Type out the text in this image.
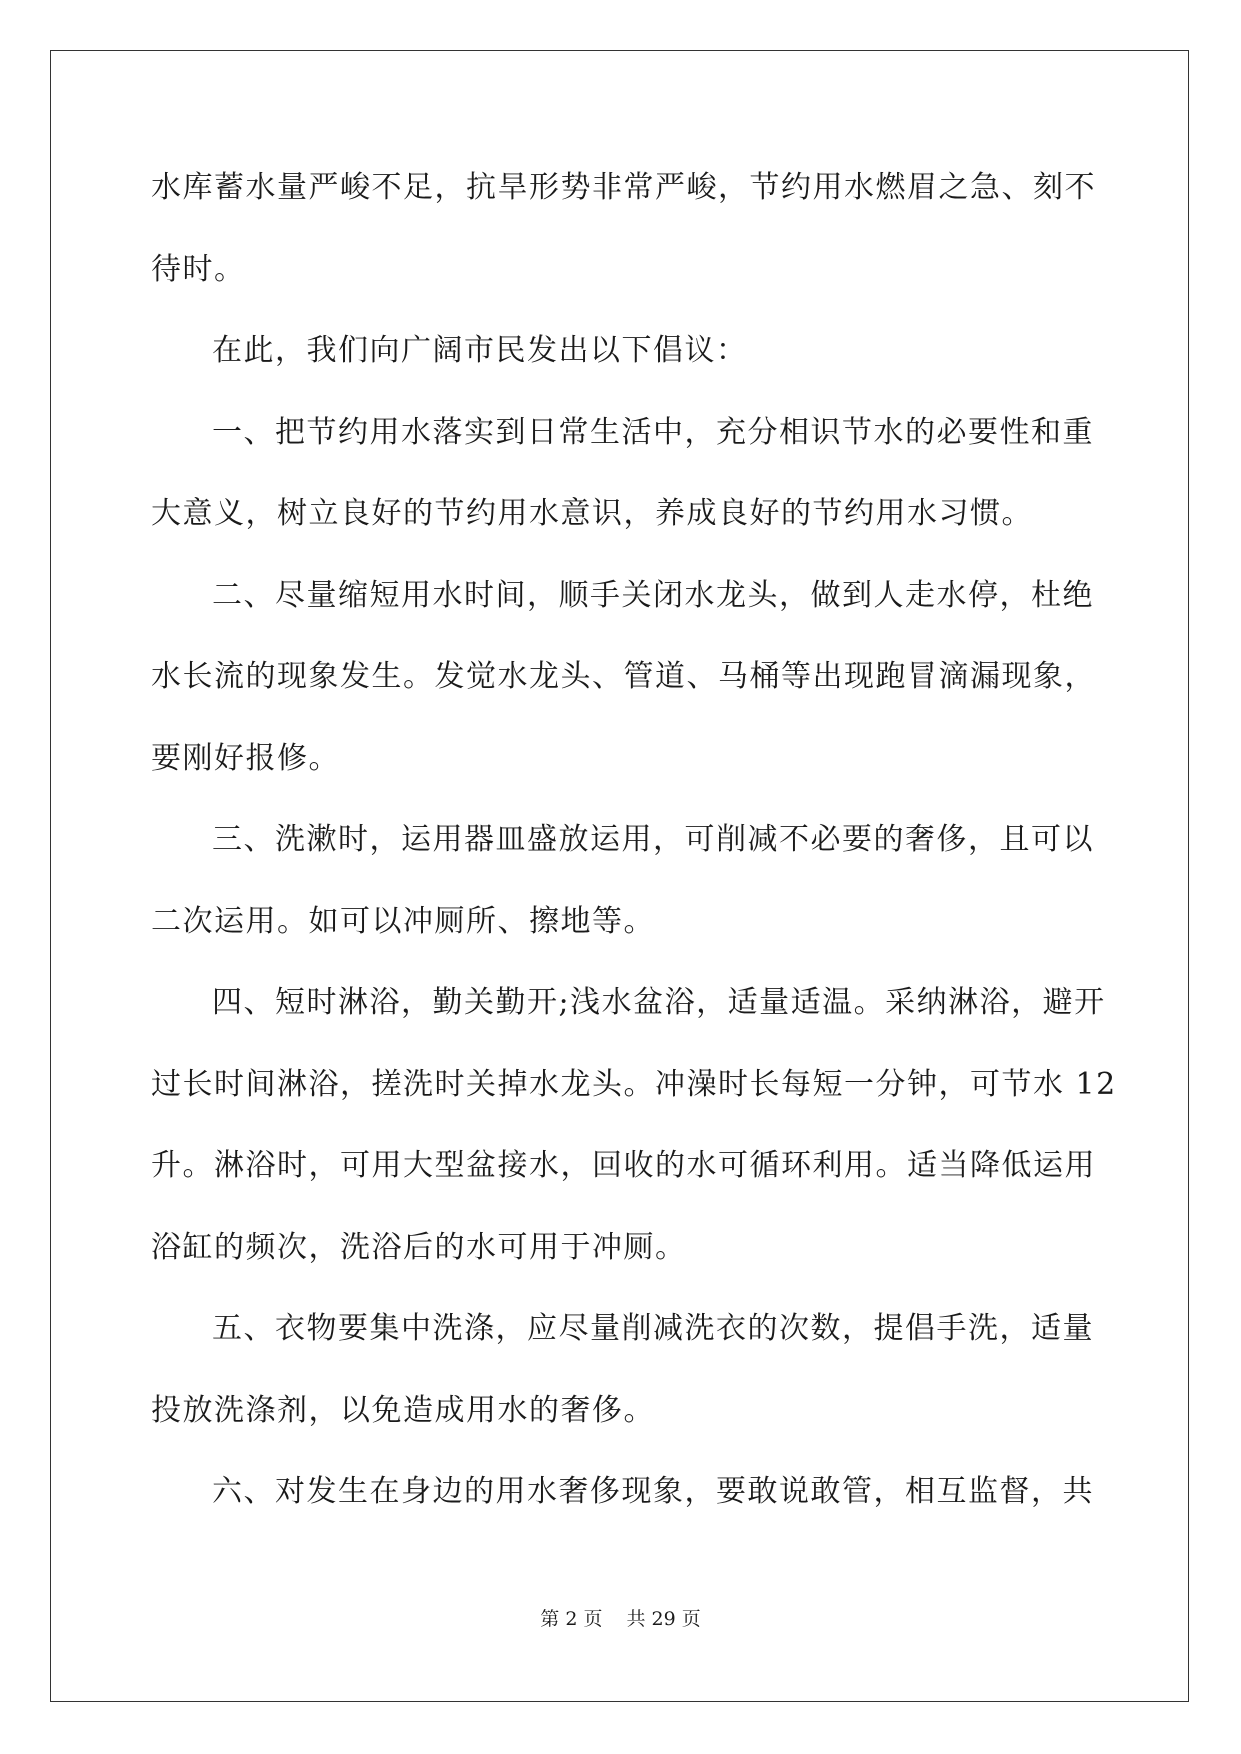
水库蓄水量严峻不足，抗旱形势非常严峻，节约用水燃眉之急、刻不
待时。
在此，我们向广阔市民发出以下倡议：
一、把节约用水落实到日常生活中，充分相识节水的必要性和重
大意义，树立良好的节约用水意识，养成良好的节约用水习惯。
二、尽量缩短用水时间，顺手关闭水龙头，做到人走水停，杜绝
水长流的现象发生。发觉水龙头、管道、马桶等出现跑冒滴漏现象，
要刚好报修。
三、洗漱时，运用器皿盛放运用，可削减不必要的奢侈，且可以
二次运用。如可以冲厕所、擦地等。
四、短时淋浴，勤关勤开;浅水盆浴，适量适温。采纳淋浴，避开
过长时间淋浴，搓洗时关掉水龙头。冲澡时长每短一分钟，可节水 12
升。淋浴时，可用大型盆接水，回收的水可循环利用。适当降低运用
浴缸的频次，洗浴后的水可用于冲厕。
五、衣物要集中洗涤，应尽量削减洗衣的次数，提倡手洗，适量
投放洗涤剂，以免造成用水的奢侈。
六、对发生在身边的用水奢侈现象，要敢说敢管，相互监督，共
第 2 页 共 29 页
